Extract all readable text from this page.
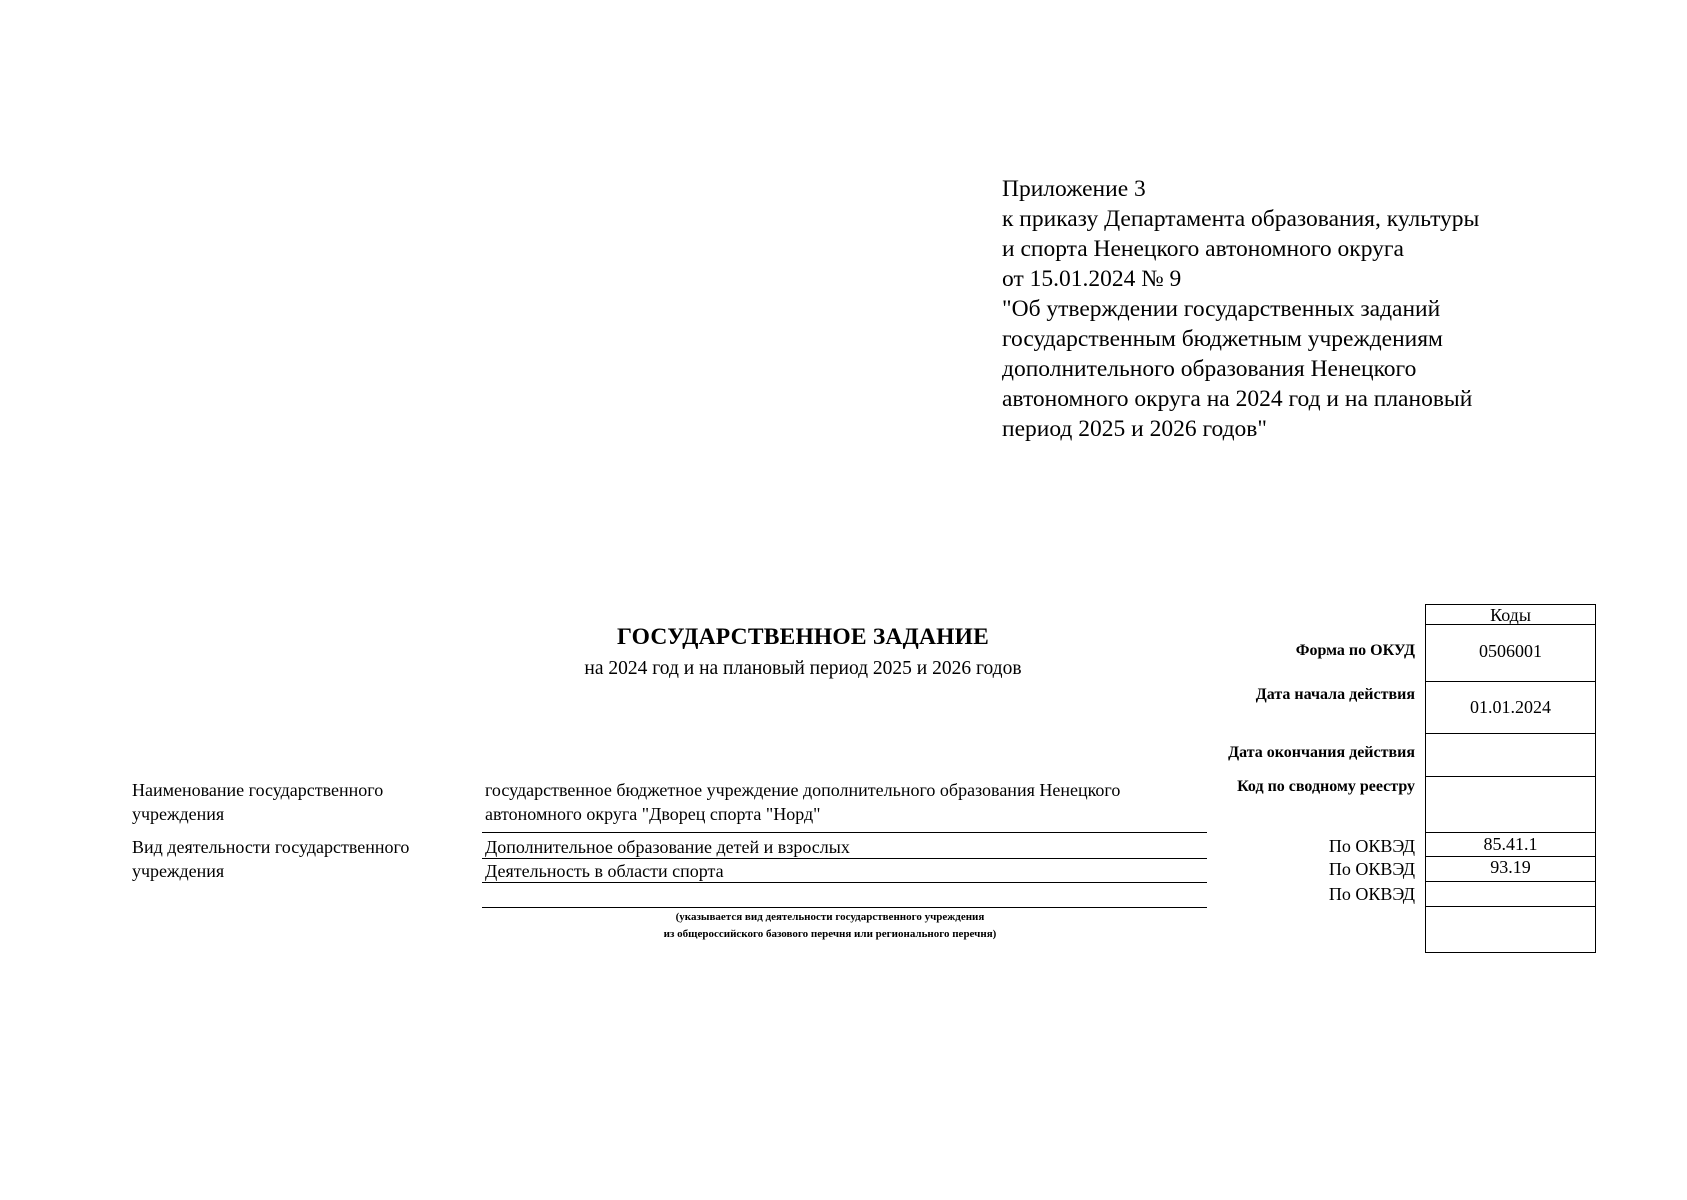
Приложение 3
к приказу Департамента образования, культуры
и спорта Ненецкого автономного округа
от 15.01.2024 № 9
"Об утверждении государственных заданий
государственным бюджетным учреждениям
дополнительного образования Ненецкого
автономного округа на 2024 год и на плановый
период 2025 и 2026 годов"
ГОСУДАРСТВЕННОЕ ЗАДАНИЕ
на 2024 год и на плановый период 2025 и 2026 годов
Наименование государственного
учреждения
государственное бюджетное учреждение дополнительного образования Ненецкого
автономного округа "Дворец спорта "Норд"
Вид деятельности государственного
учреждения
Дополнительное образование детей и взрослых
Деятельность в области спорта
(указывается вид деятельности государственного учреждения
из общероссийского базового перечня или регионального перечня)
Форма по ОКУД
Дата начала действия
Дата окончания действия
Код по сводному реестру
По ОКВЭД
По ОКВЭД
По ОКВЭД
Коды
0506001
01.01.2024
85.41.1
93.19
